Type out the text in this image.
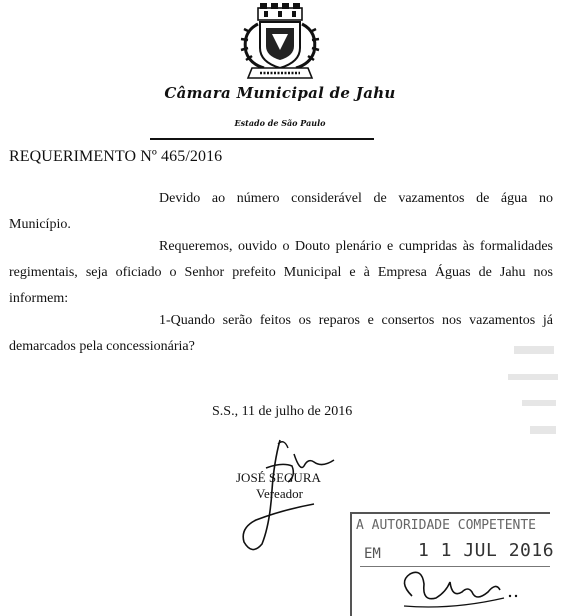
Câmara Municipal de Jahu
Estado de São Paulo
REQUERIMENTO Nº 465/2016
Devido ao número considerável de vazamentos de água no Município.
Requeremos, ouvido o Douto plenário e cumpridas às formalidades regimentais, seja oficiado o Senhor prefeito Municipal e à Empresa Águas de Jahu nos informem:
1-Quando serão feitos os reparos e consertos nos vazamentos já demarcados pela concessionária?
S.S., 11 de julho de 2016
JOSÉ SEGURA
Vereador
A AUTORIDADE COMPETENTE
EM 1 1 JUL 2016
